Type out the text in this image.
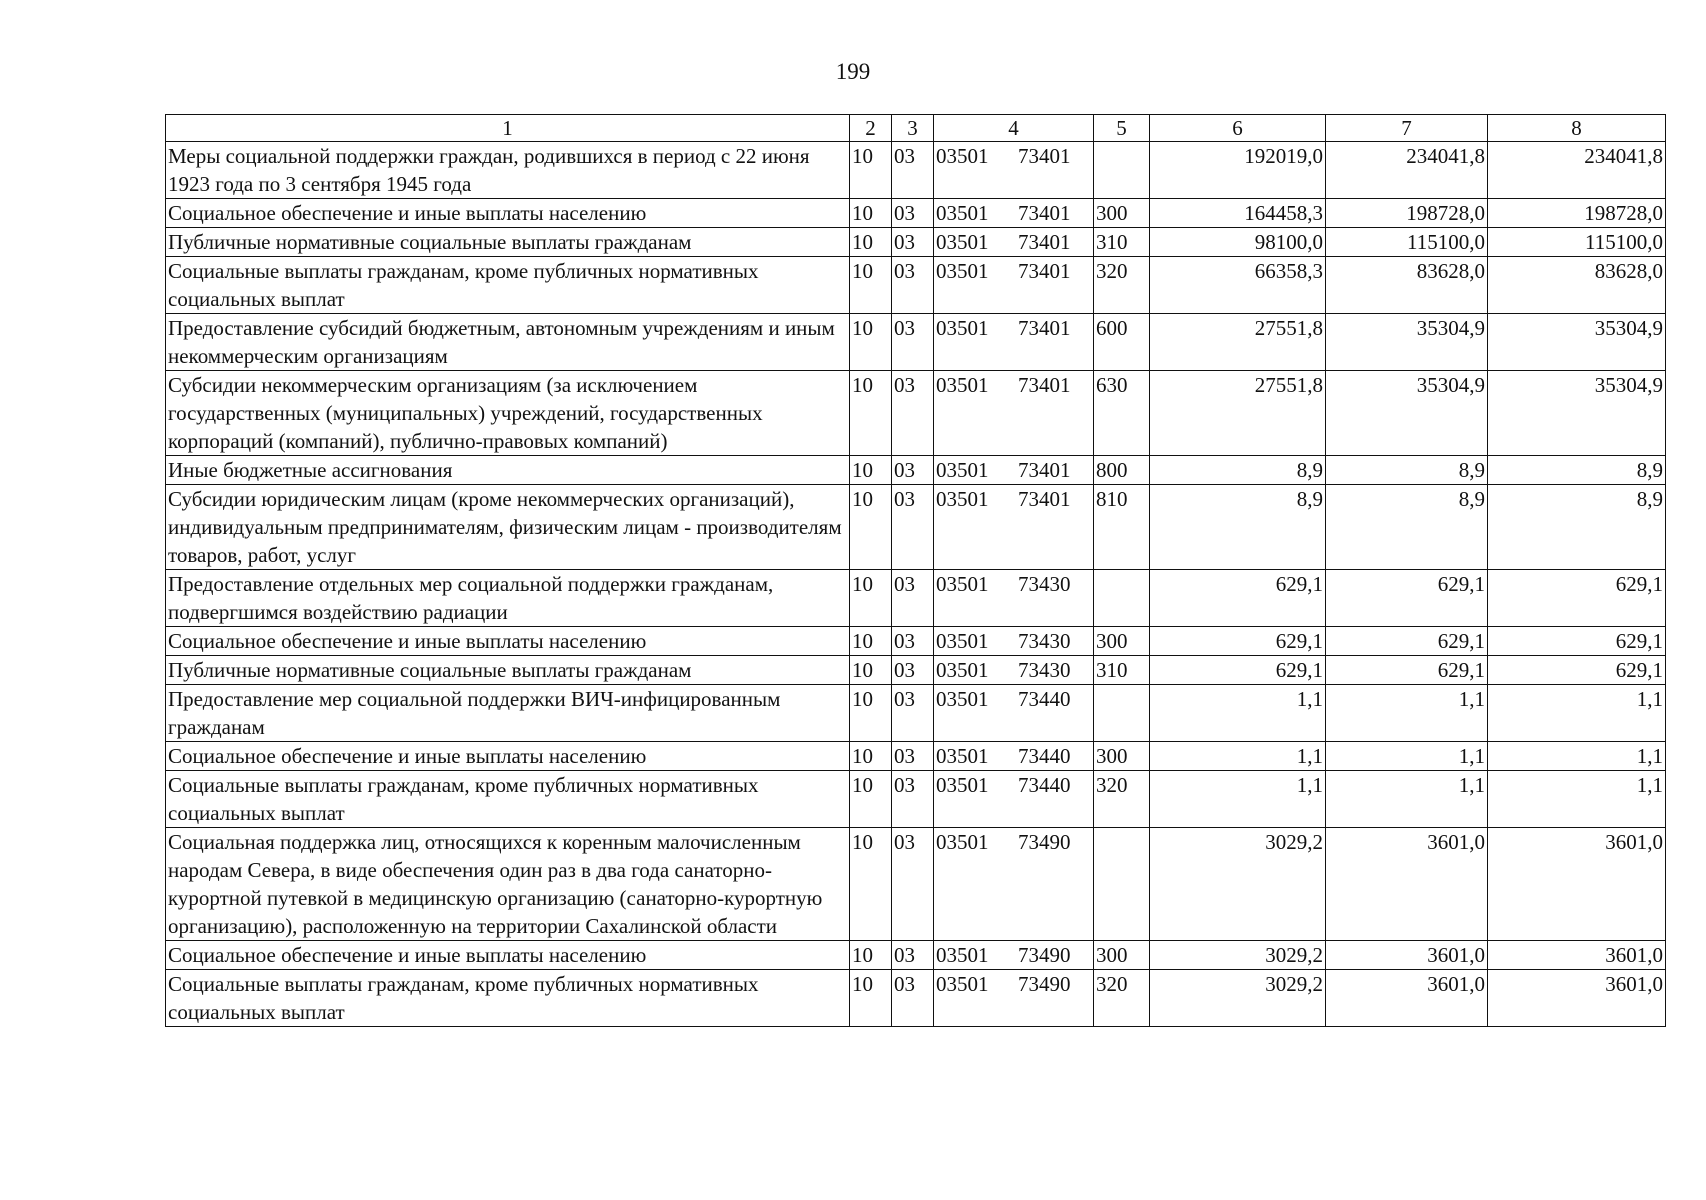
199
1	2	3	4	5	6	7	8
Меры социальной поддержки граждан, родившихся в период с 22 июня 1923 года по 3 сентября 1945 года	10	03	03501 73401		192019,0	234041,8	234041,8
Социальное обеспечение и иные выплаты населению	10	03	03501 73401	300	164458,3	198728,0	198728,0
Публичные нормативные социальные выплаты гражданам	10	03	03501 73401	310	98100,0	115100,0	115100,0
Социальные выплаты гражданам, кроме публичных нормативных социальных выплат	10	03	03501 73401	320	66358,3	83628,0	83628,0
Предоставление субсидий бюджетным, автономным учреждениям и иным некоммерческим организациям	10	03	03501 73401	600	27551,8	35304,9	35304,9
Субсидии некоммерческим организациям (за исключением государственных (муниципальных) учреждений, государственных корпораций (компаний), публично-правовых компаний)	10	03	03501 73401	630	27551,8	35304,9	35304,9
Иные бюджетные ассигнования	10	03	03501 73401	800	8,9	8,9	8,9
Субсидии юридическим лицам (кроме некоммерческих организаций), индивидуальным предпринимателям, физическим лицам - производителям товаров, работ, услуг	10	03	03501 73401	810	8,9	8,9	8,9
Предоставление отдельных мер социальной поддержки гражданам, подвергшимся воздействию радиации	10	03	03501 73430		629,1	629,1	629,1
Социальное обеспечение и иные выплаты населению	10	03	03501 73430	300	629,1	629,1	629,1
Публичные нормативные социальные выплаты гражданам	10	03	03501 73430	310	629,1	629,1	629,1
Предоставление мер социальной поддержки ВИЧ-инфицированным гражданам	10	03	03501 73440		1,1	1,1	1,1
Социальное обеспечение и иные выплаты населению	10	03	03501 73440	300	1,1	1,1	1,1
Социальные выплаты гражданам, кроме публичных нормативных социальных выплат	10	03	03501 73440	320	1,1	1,1	1,1
Социальная поддержка лиц, относящихся к коренным малочисленным народам Севера, в виде обеспечения один раз в два года санаторно-курортной путевкой в медицинскую организацию (санаторно-курортную организацию), расположенную на территории Сахалинской области	10	03	03501 73490		3029,2	3601,0	3601,0
Социальное обеспечение и иные выплаты населению	10	03	03501 73490	300	3029,2	3601,0	3601,0
Социальные выплаты гражданам, кроме публичных нормативных социальных выплат	10	03	03501 73490	320	3029,2	3601,0	3601,0
